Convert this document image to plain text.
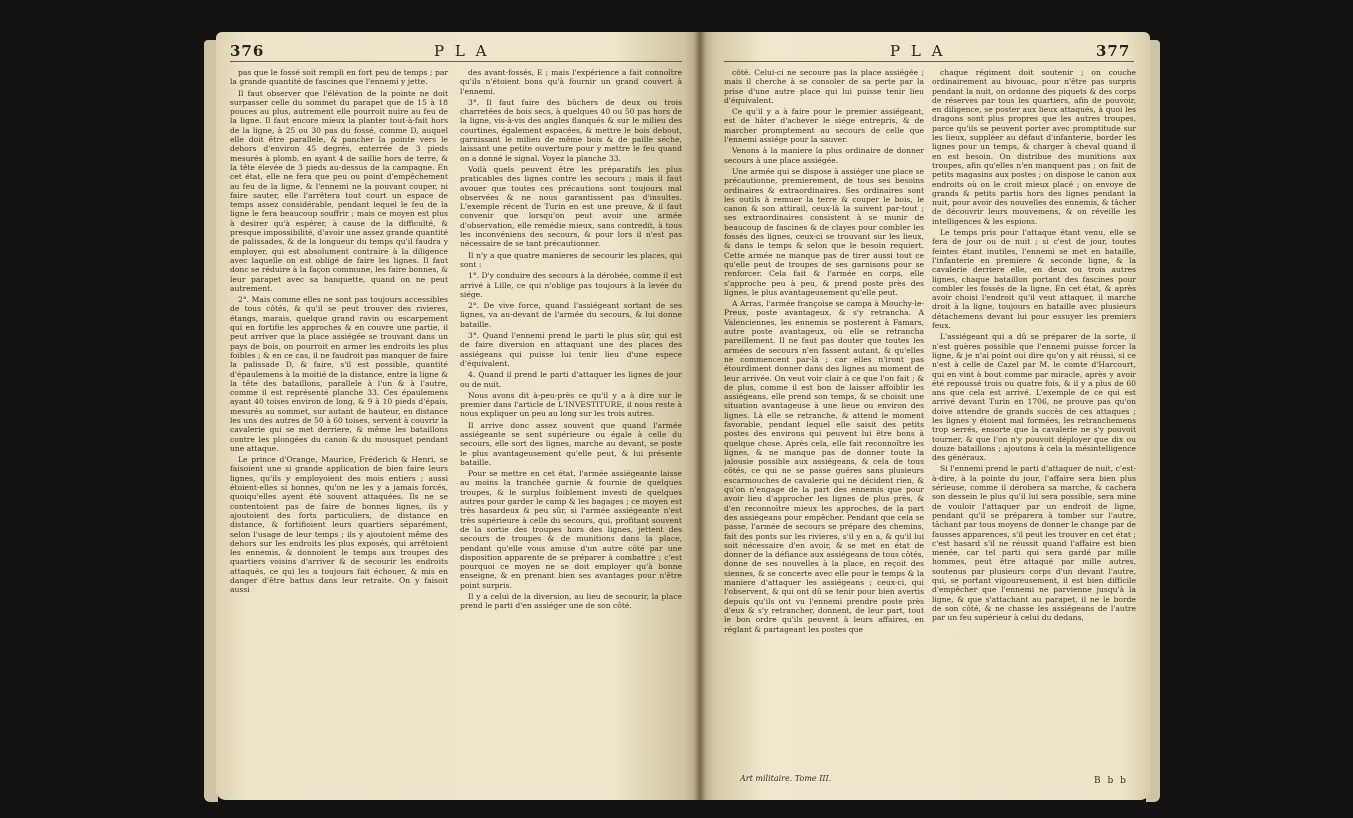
376	P L A

pas que le fossé soit rempli en fort peu de temps ; par la grande quantité de fascines que l'ennemi y jette.

Il faut observer que l'élévation de la pointe ne doit surpasser celle du sommet du parapet que de 15 à 18 pouces au plus, autrement elle pourroit nuire au feu de la ligne. Il faut encore mieux la planter tout-à-fait hors de la ligne, à 25 ou 30 pas du fossé, comme D, auquel elle doit être parallele, & pancher la pointe vers le dehors d'environ 45 degrés, enterrée de 3 pieds mesurés à plomb, en ayant 4 de saillie hors de terre, & la tête élevée de 3 pieds au-dessus de la campagne. En cet état, elle ne fera que peu ou point d'empêchement au feu de la ligne, & l'ennemi ne la pouvant couper, ni faire sauter, elle l'arrêtera tout court un espace de temps assez considérable, pendant lequel le feu de la ligne le fera beaucoup souffrir ; mais ce moyen est plus à desirer qu'à espérer, à cause de la difficulté, & presque impossibilité, d'avoir une assez grande quantité de palissades, & de la longueur du temps qu'il faudra y employer, qui est absolument contraire à la diligence avec laquelle on est obligé de faire les lignes. Il faut donc se réduire à la façon commune, les faire bonnes, & leur parapet avec sa banquette, quand on ne peut autrement.

2°. Mais comme elles ne sont pas toujours accessibles de tous côtés, & qu'il se peut trouver des rivieres, étangs, marais, quelque grand ravin ou escarpement qui en fortifie les approches & en couvre une partie, il peut arriver que la place assiégée se trouvant dans un pays de bois, on pourroit en armer les endroits les plus foibles ; & en ce cas, il ne faudroit pas manquer de faire la palissade D, & faire, s'il est possible, quantité d'épaulemens à la moitié de la distance, entre la ligne & la tête des bataillons, parallele à l'un & à l'autre, comme il est représenté planche 33. Ces épaulemens ayant 40 toises environ de long, & 9 à 10 pieds d'épais, mesurés au sommet, sur autant de hauteur, en distance les uns des autres de 50 à 60 toises, servent à couvrir la cavalerie qui se met derriere, & même les bataillons contre les plongées du canon & du mousquet pendant une attaque.

Le prince d'Orange, Maurice, Fréderich & Henri, se faisoient une si grande application de bien faire leurs lignes, qu'ils y employoient des mois entiers ; aussi étoient-elles si bonnes, qu'on ne les y a jamais forcés, quoiqu'elles ayent été souvent attaquées. Ils ne se contentoient pas de faire de bonnes lignes, ils y ajoutoient des forts particuliers, de distance en distance, & fortifioient leurs quartiers séparément, selon l'usage de leur temps ; ils y ajoutoient même des dehors sur les endroits les plus exposés, qui arrêtoient les ennemis, & donnoient le temps aux troupes des quartiers voisins d'arriver & de secourir les endroits attaqués, ce qui les a toujours fait échouer, & mis en danger d'être battus dans leur retraite. On y faisoit aussi

des avant-fossés, E ; mais l'expérience a fait connoître qu'ils n'étoient bons qu'à fournir un grand couvert à l'ennemi.

3°. Il faut faire des bûchers de deux ou trois charretées de bois secs, à quelques 40 ou 50 pas hors de la ligne, vis-à-vis des angles flanqués & sur le milieu des courtines, également espacées, & mettre le bois debout, garnissant le milieu de même bois & de paille séche, laissant une petite ouverture pour y mettre le feu quand on a donné le signal. Voyez la planche 33.

Voilà quels peuvent être les préparatifs les plus praticables des lignes contre les secours ; mais il faut avouer que toutes ces précautions sont toujours mal observées & ne nous garantissent pas d'insultes. L'exemple récent de Turin en est une preuve, & il faut convenir que lorsqu'on peut avoir une armée d'observation, elle remédie mieux, sans contredit, à tous les inconvéniens des secours, & pour lors il n'est pas nécessaire de se tant précautionner.

Il n'y a que quatre manieres de secourir les places, qui sont :

1°. D'y conduire des secours à la dérobée, comme il est arrivé à Lille, ce qui n'oblige pas toujours à la levée du siége.

2°. De vive force, quand l'assiégeant sortant de ses lignes, va au-devant de l'armée du secours, & lui donne bataille.

3°. Quand l'ennemi prend le parti le plus sûr, qui est de faire diversion en attaquant une des places des assiégeans qui puisse lui tenir lieu d'une espece d'équivalent.

4. Quand il prend le parti d'attaquer les lignes de jour ou de nuit.

Nous avons dit à-peu-près ce qu'il y a à dire sur le premier dans l'article de L'INVESTITURE, il nous reste à nous expliquer un peu au long sur les trois autres.

Il arrive donc assez souvent que quand l'armée assiégeante se sent supérieure ou égale à celle du secours, elle sort des lignes, marche au devant, se poste le plus avantageusement qu'elle peut, & lui présente bataille.

Pour se mettre en cet état, l'armée assiégeante laisse au moins la tranchée garnie & fournie de quelques troupes, & le surplus foiblement investi de quelques autres pour garder le camp & les bagages ; ce moyen est très hasardeux & peu sûr, si l'armée assiégeante n'est très supérieure à celle du secours, qui, profitant souvent de la sortie des troupes hors des lignes, jettent des secours de troupes & de munitions dans la place, pendant qu'elle vous amuse d'un autre côté par une disposition apparente de se préparer à combattre ; c'est pourquoi ce moyen ne se doit employer qu'à bonne enseigne, & en prenant bien ses avantages pour n'être point surpris.

Il y a celui de la diversion, au lieu de secourir, la place prend le parti d'en assiéger une de son côté.

P L A	377

côté. Celui-ci ne secoure pas la place assiégée ; mais il cherche à se consoler de sa perte par la prise d'une autre place qui lui puisse tenir lieu d'équivalent.

Ce qu'il y a à faire pour le premier assiégeant, est de hâter d'achever le siége entrepris, & de marcher promptement au secours de celle que l'ennemi assiége pour la sauver.

Venons à la maniere la plus ordinaire de donner secours à une place assiégée.

Une armée qui se dispose à assiéger une place se précautionne, premierement, de tous ses besoins ordinaires & extraordinaires. Ses ordinaires sont les outils à remuer la terre & couper le bois, le canon & son attirail, ceux-là la suivent par-tout ; ses extraordinaires consistent à se munir de beaucoup de fascines & de clayes pour combler les fossés des lignes, ceux-ci se trouvant sur les lieux, & dans le temps & selon que le besoin requiert. Cette armée ne manque pas de tirer aussi tout ce qu'elle peut de troupes de ses garnisons pour se renforcer. Cela fait & l'armée en corps, elle s'approche peu à peu, & prend poste près des lignes, le plus avantageusement qu'elle peut.

A Arras, l'armée françoise se campa à Mouchy-le-Preux, poste avantageux, & s'y retrancha. A Valenciennes, les ennemis se posterent à Famars, autre poste avantageux, où elle se retrancha pareillement. Il ne faut pas douter que toutes les armées de secours n'en fassent autant, & qu'elles ne commencent par-là ; car elles n'iront pas étourdiment donner dans des lignes au moment de leur arrivée. On veut voir clair à ce que l'on fait ; & de plus, comme il est bon de laisser affoiblir les assiégeans, elle prend son temps, & se choisit une situation avantageuse à une lieue ou environ des lignes. Là elle se retranche, & attend le moment favorable, pendant lequel elle saisit des petits postes des environs qui peuvent lui être bons à quelque chose. Après cela, elle fait reconnoître les lignes, & ne manque pas de donner toute la jalousie possible aux assiégeans, & cela de tous côtés, ce qui ne se passe guéres sans plusieurs escarmouches de cavalerie qui ne décident rien, & qu'on n'engage de la part des ennemis que pour avoir lieu d'approcher les lignes de plus près, & d'en reconnoître mieux les approches, de la part des assiégeans pour empêcher. Pendant que cela se passe, l'armée de secours se prépare des chemins, fait des ponts sur les rivieres, s'il y en a, & qu'il lui soit nécessaire d'en avoir, & se met en état de donner de la défiance aux assiégeans de tous côtés, donne de ses nouvelles à la place, en reçoit des siennes, & se concerte avec elle pour le temps & la maniere d'attaquer les assiégeans ; ceux-ci, qui l'observent, & qui ont dû se tenir pour bien avertis depuis qu'ils ont vu l'ennemi prendre poste près d'eux & s'y retrancher, donnent, de leur part, tout le bon ordre qu'ils peuvent à leurs affaires, en réglant & partageant les postes que

chaque régiment doit soutenir ; on couche ordinairement au bivouac, pour n'être pas surpris pendant la nuit, on ordonne des piquets & des corps de réserves par tous les quartiers, afin de pouvoir, en diligence, se poster aux lieux attaqués, à quoi les dragons sont plus propres que les autres troupes, parce qu'ils se peuvent porter avec promptitude sur les lieux, suppléer au défaut d'infanterie, border les lignes pour un temps, & charger à cheval quand il en est besoin. On distribue des munitions aux troupes, afin qu'elles n'en manquent pas ; on fait de petits magasins aux postes ; on dispose le canon aux endroits où on le croit mieux placé ; on envoye de grands & petits partis hors des lignes pendant la nuit, pour avoir des nouvelles des ennemis, & tâcher de découvrir leurs mouvemens, & on réveille les intelligences & les espions.

Le temps pris pour l'attaque étant venu, elle se fera de jour ou de nuit ; si c'est de jour, toutes feintes étant inutiles, l'ennemi se met en bataille, l'infanterie en premiere & seconde ligne, & la cavalerie derriere elle, en deux ou trois autres lignes, chaque bataillon portant des fascines pour combler les fossés de la ligne. En cet état, & après avoir choisi l'endroit qu'il veut attaquer, il marche droit à la ligne, toujours en bataille avec plusieurs détachemens devant lui pour essuyer les premiers feux.

L'assiégeant qui a dû se préparer de la sorte, il n'est guères possible que l'ennemi puisse forcer la ligne, & je n'ai point oui dire qu'on y ait réussi, si ce n'est à celle de Cazel par M. le comte d'Harcourt, qui en vint à bout comme par miracle, après y avoir été repoussé trois ou quatre fois, & il y a plus de 60 ans que cela est arrivé. L'exemple de ce qui est arrivé devant Turin en 1706, ne prouve pas qu'on doive attendre de grands succès de ces attaques ; les lignes y étoient mal formées, les retranchemens trop serrés, ensorte que la cavalerie ne s'y pouvoit tourner, & que l'on n'y pouvoit déployer que dix ou douze bataillons ; ajoutons à cela la mésintelligence des généraux.

Si l'ennemi prend le parti d'attaquer de nuit, c'est-à-dire, à la pointe du jour, l'affaire sera bien plus sérieuse, comme il dérobera sa marche, & cachera son dessein le plus qu'il lui sera possible, sera mine de vouloir l'attaquer par un endroit de ligne, pendant qu'il se préparera à tomber sur l'autre, tâchant par tous moyens de donner le change par de fausses apparences, s'il peut les trouver en cet état ; c'est hasard s'il ne réussit quand l'affaire est bien menée, car tel parti qui sera gardé par mille hommes, peut être attaqué par mille autres, soutenus par plusieurs corps d'un devant l'autre, qui, se portant vigoureusement, il est bien difficile d'empêcher que l'ennemi ne parvienne jusqu'à la ligne, & que s'attachant au parapet, il ne le borde de son côté, & ne chasse les assiégeans de l'autre par un feu supérieur à celui du dedans,

Art militaire. Tome III.	B b b
